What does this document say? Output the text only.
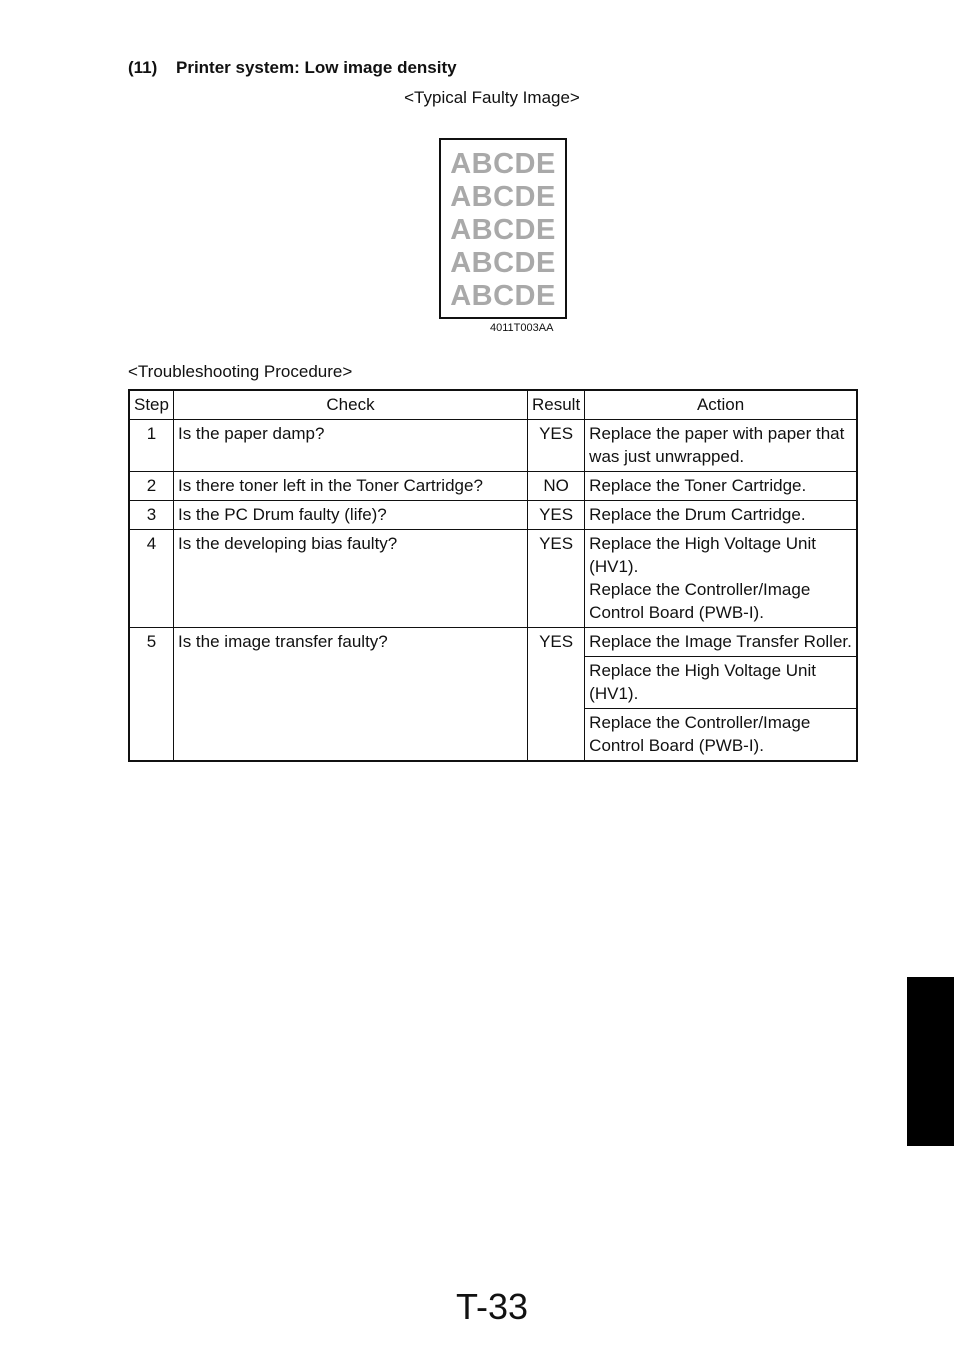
(11) Printer system: Low image density
<Typical Faulty Image>
ABCDE
ABCDE
ABCDE
ABCDE
ABCDE
4011T003AA
<Troubleshooting Procedure>
Step	Check	Result	Action
1	Is the paper damp?	YES	Replace the paper with paper that was just unwrapped.
2	Is there toner left in the Toner Cartridge?	NO	Replace the Toner Cartridge.
3	Is the PC Drum faulty (life)?	YES	Replace the Drum Cartridge.
4	Is the developing bias faulty?	YES	Replace the High Voltage Unit (HV1).
Replace the Controller/Image Control Board (PWB-I).

5	Is the image transfer faulty?	YES	Replace the Image Transfer Roller.
			Replace the High Voltage Unit (HV1).
			Replace the Controller/Image Control Board (PWB-I).
T-33
